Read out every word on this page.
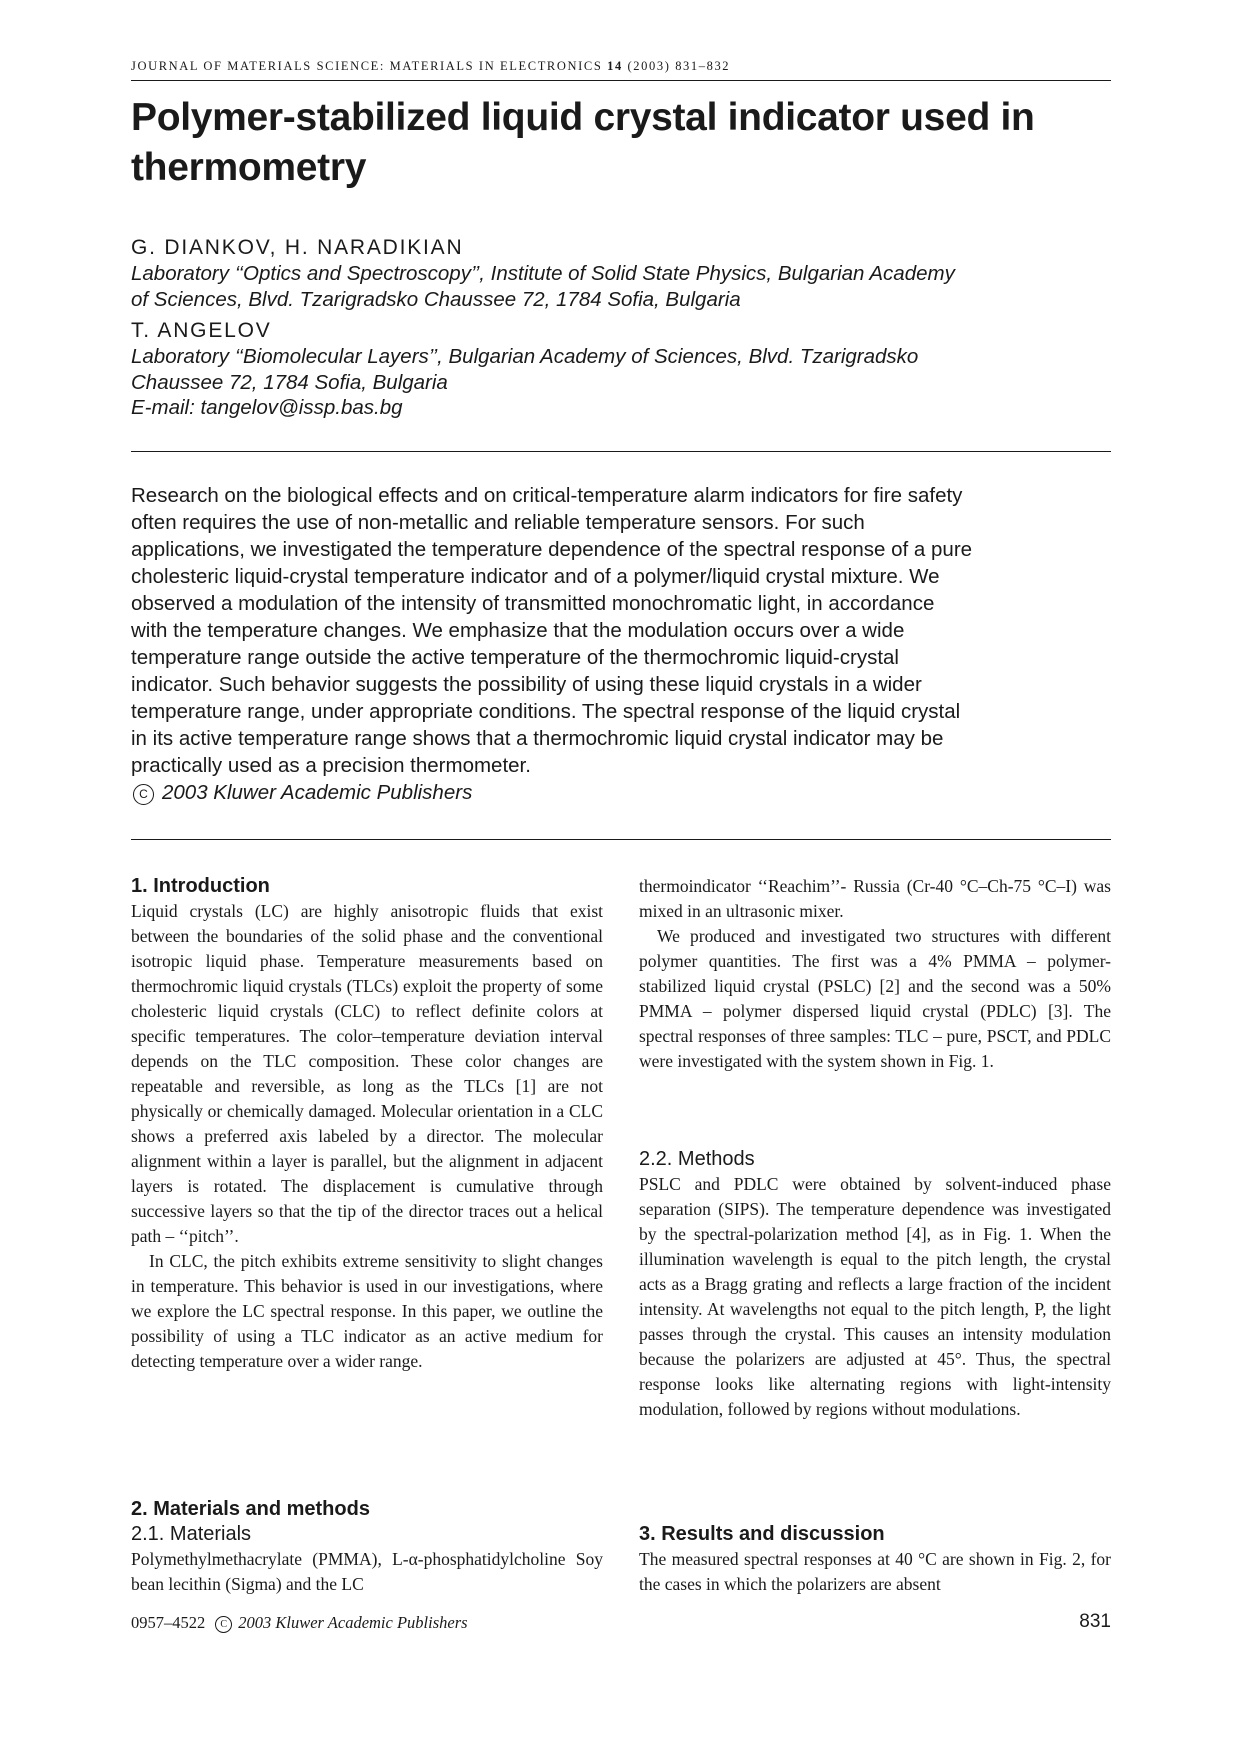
JOURNAL OF MATERIALS SCIENCE: MATERIALS IN ELECTRONICS 14 (2003) 831–832
Polymer-stabilized liquid crystal indicator used in
thermometry
G. DIANKOV, H. NARADIKIAN
Laboratory ‘‘Optics and Spectroscopy’’, Institute of Solid State Physics, Bulgarian Academy
of Sciences, Blvd. Tzarigradsko Chaussee 72, 1784 Sofia, Bulgaria
T. ANGELOV
Laboratory ‘‘Biomolecular Layers’’, Bulgarian Academy of Sciences, Blvd. Tzarigradsko
Chaussee 72, 1784 Sofia, Bulgaria
E-mail: tangelov@issp.bas.bg
Research on the biological effects and on critical-temperature alarm indicators for fire safety
often requires the use of non-metallic and reliable temperature sensors. For such
applications, we investigated the temperature dependence of the spectral response of a pure
cholesteric liquid-crystal temperature indicator and of a polymer/liquid crystal mixture. We
observed a modulation of the intensity of transmitted monochromatic light, in accordance
with the temperature changes. We emphasize that the modulation occurs over a wide
temperature range outside the active temperature of the thermochromic liquid-crystal
indicator. Such behavior suggests the possibility of using these liquid crystals in a wider
temperature range, under appropriate conditions. The spectral response of the liquid crystal
in its active temperature range shows that a thermochromic liquid crystal indicator may be
practically used as a precision thermometer.
C 2003 Kluwer Academic Publishers
1. Introduction

Liquid crystals (LC) are highly anisotropic fluids that exist between the boundaries of the solid phase and the conventional isotropic liquid phase. Temperature measurements based on thermochromic liquid crystals (TLCs) exploit the property of some cholesteric liquid crystals (CLC) to reflect definite colors at specific temperatures. The color–temperature deviation interval depends on the TLC composition. These color changes are repeatable and reversible, as long as the TLCs [1] are not physically or chemically damaged. Molecular orientation in a CLC shows a preferred axis labeled by a director. The molecular alignment within a layer is parallel, but the alignment in adjacent layers is rotated. The displacement is cumulative through successive layers so that the tip of the director traces out a helical path – ‘‘pitch’’.

In CLC, the pitch exhibits extreme sensitivity to slight changes in temperature. This behavior is used in our investigations, where we explore the LC spectral response. In this paper, we outline the possibility of using a TLC indicator as an active medium for detecting temperature over a wider range.

2. Materials and methods
2.1. Materials

Polymethylmethacrylate (PMMA), L-α-phosphatidylcholine Soy bean lecithin (Sigma) and the LC

thermoindicator ‘‘Reachim’’- Russia (Cr-40 °C–Ch-75 °C–I) was mixed in an ultrasonic mixer.

We produced and investigated two structures with different polymer quantities. The first was a 4% PMMA – polymer-stabilized liquid crystal (PSLC) [2] and the second was a 50% PMMA – polymer dispersed liquid crystal (PDLC) [3]. The spectral responses of three samples: TLC – pure, PSCT, and PDLC were investigated with the system shown in Fig. 1.

2.2. Methods

PSLC and PDLC were obtained by solvent-induced phase separation (SIPS). The temperature dependence was investigated by the spectral-polarization method [4], as in Fig. 1. When the illumination wavelength is equal to the pitch length, the crystal acts as a Bragg grating and reflects a large fraction of the incident intensity. At wavelengths not equal to the pitch length, P, the light passes through the crystal. This causes an intensity modulation because the polarizers are adjusted at 45°. Thus, the spectral response looks like alternating regions with light-intensity modulation, followed by regions without modulations.

3. Results and discussion

The measured spectral responses at 40 °C are shown in Fig. 2, for the cases in which the polarizers are absent

0957–4522 C 2003 Kluwer Academic Publishers	831
